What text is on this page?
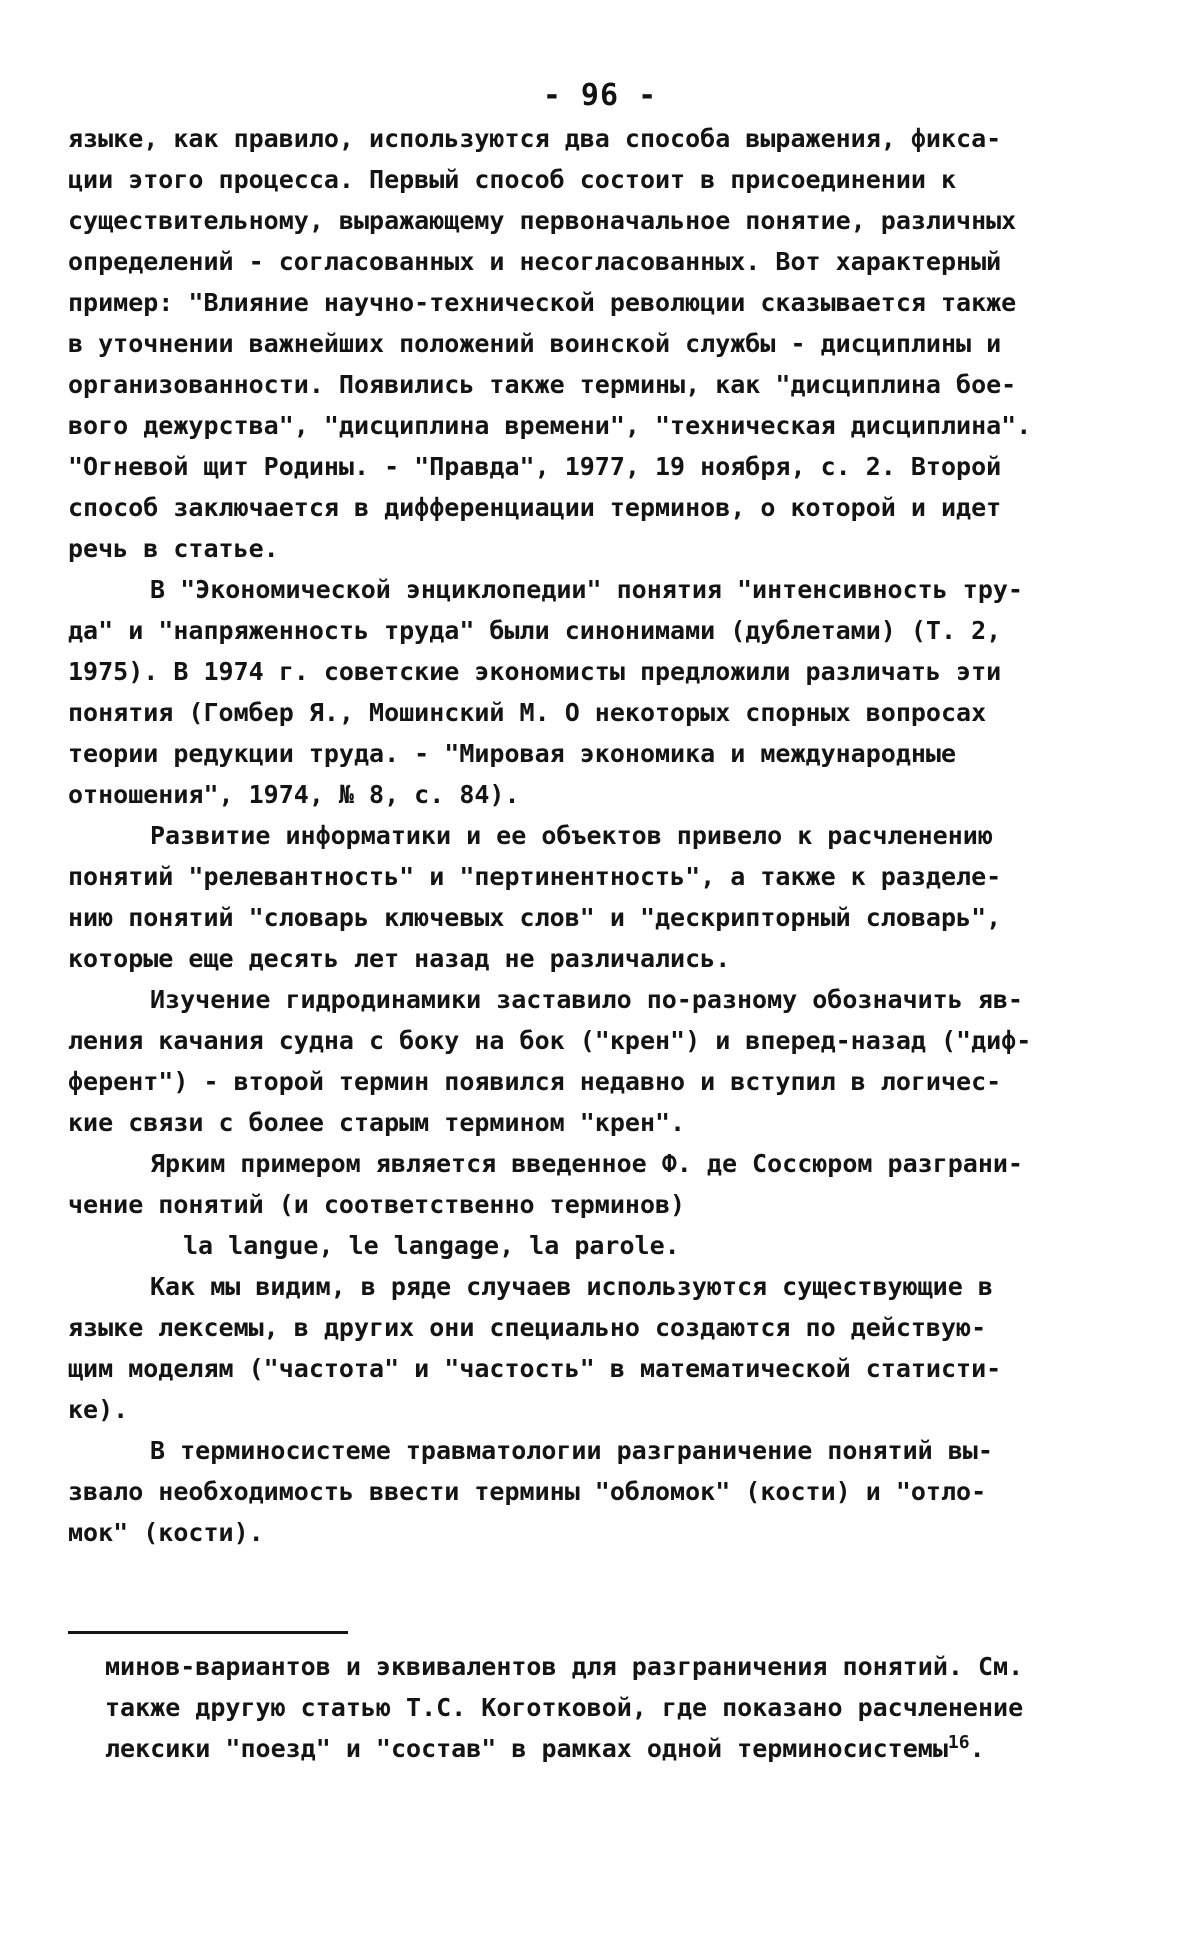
- 96 -
языке, как правило, используются два способа выражения, фикса-
ции этого процесса. Первый способ состоит в присоединении к
существительному, выражающему первоначальное понятие, различных
определений - согласованных и несогласованных. Вот характерный
пример: "Влияние научно-технической революции сказывается также
в уточнении важнейших положений воинской службы - дисциплины и
организованности. Появились также термины, как "дисциплина бое-
вого дежурства", "дисциплина времени", "техническая дисциплина".
"Огневой щит Родины. - "Правда", 1977, 19 ноября, с. 2. Второй
способ заключается в дифференциации терминов, о которой и идет
речь в статье.
В "Экономической энциклопедии" понятия "интенсивность тру-
да" и "напряженность труда" были синонимами (дублетами) (Т. 2,
1975). В 1974 г. советские экономисты предложили различать эти
понятия (Гомбер Я., Мошинский М. О некоторых спорных вопросах
теории редукции труда. - "Мировая экономика и международные
отношения", 1974, № 8, с. 84).
Развитие информатики и ее объектов привело к расчленению
понятий "релевантность" и "пертинентность", а также к разделе-
нию понятий "словарь ключевых слов" и "дескрипторный словарь",
которые еще десять лет назад не различались.
Изучение гидродинамики заставило по-разному обозначить яв-
ления качания судна с боку на бок ("крен") и вперед-назад ("диф-
ферент") - второй термин появился недавно и вступил в логичес-
кие связи с более старым термином "крен".
Ярким примером является введенное Ф. де Соссюром разграни-
чение понятий (и соответственно терминов)
la langue, le langage, la parole.
Как мы видим, в ряде случаев используются существующие в
языке лексемы, в других они специально создаются по действую-
щим моделям ("частота" и "частость" в математической статисти-
ке).
В терминосистеме травматологии разграничение понятий вы-
звало необходимость ввести термины "обломок" (кости) и "отло-
мок" (кости).
минов-вариантов и эквивалентов для разграничения понятий. См.
также другую статью Т.С. Коготковой, где показано расчленение
лексики "поезд" и "состав" в рамках одной терминосистемы$^{16}$.
